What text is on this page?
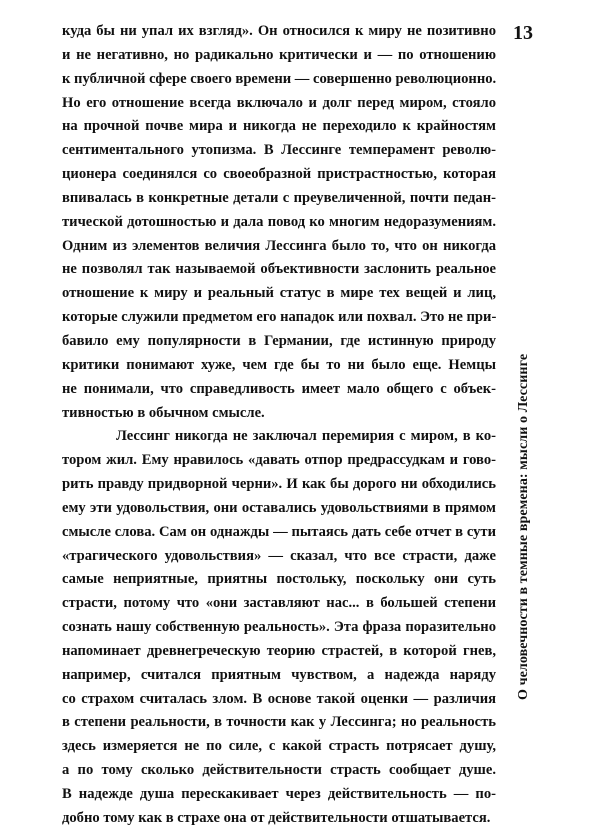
13
О человечности в темные времена: мысли о Лессинге
куда бы ни упал их взгляд». Он относился к миру не позитивно
и не негативно, но радикально критически и — по отношению
к публичной сфере своего времени — совершенно революционно.
Но его отношение всегда включало и долг перед миром, стояло
на прочной почве мира и никогда не переходило к крайностям
сентиментального утопизма. В Лессинге темперамент револю-
ционера соединялся со своеобразной пристрастностью, которая
впивалась в конкретные детали с преувеличенной, почти педан-
тической дотошностью и дала повод ко многим недоразумениям.
Одним из элементов величия Лессинга было то, что он никогда
не позволял так называемой объективности заслонить реальное
отношение к миру и реальный статус в мире тех вещей и лиц,
которые служили предметом его нападок или похвал. Это не при-
бавило ему популярности в Германии, где истинную природу
критики понимают хуже, чем где бы то ни было еще. Немцы
не понимали, что справедливость имеет мало общего с объек-
тивностью в обычном смысле.
Лессинг никогда не заключал перемирия с миром, в ко-
тором жил. Ему нравилось «давать отпор предрассудкам и гово-
рить правду придворной черни». И как бы дорого ни обходились
ему эти удовольствия, они оставались удовольствиями в прямом
смысле слова. Сам он однажды — пытаясь дать себе отчет в сути
«трагического удовольствия» — сказал, что все страсти, даже
самые неприятные, приятны постольку, поскольку они суть
страсти, потому что «они заставляют нас... в большей степени
сознать нашу собственную реальность». Эта фраза поразительно
напоминает древнегреческую теорию страстей, в которой гнев,
например, считался приятным чувством, а надежда наряду
со страхом считалась злом. В основе такой оценки — различия
в степени реальности, в точности как у Лессинга; но реальность
здесь измеряется не по силе, с какой страсть потрясает душу,
а по тому сколько действительности страсть сообщает душе.
В надежде душа перескакивает через действительность — по-
добно тому как в страхе она от действительности отшатывается.
